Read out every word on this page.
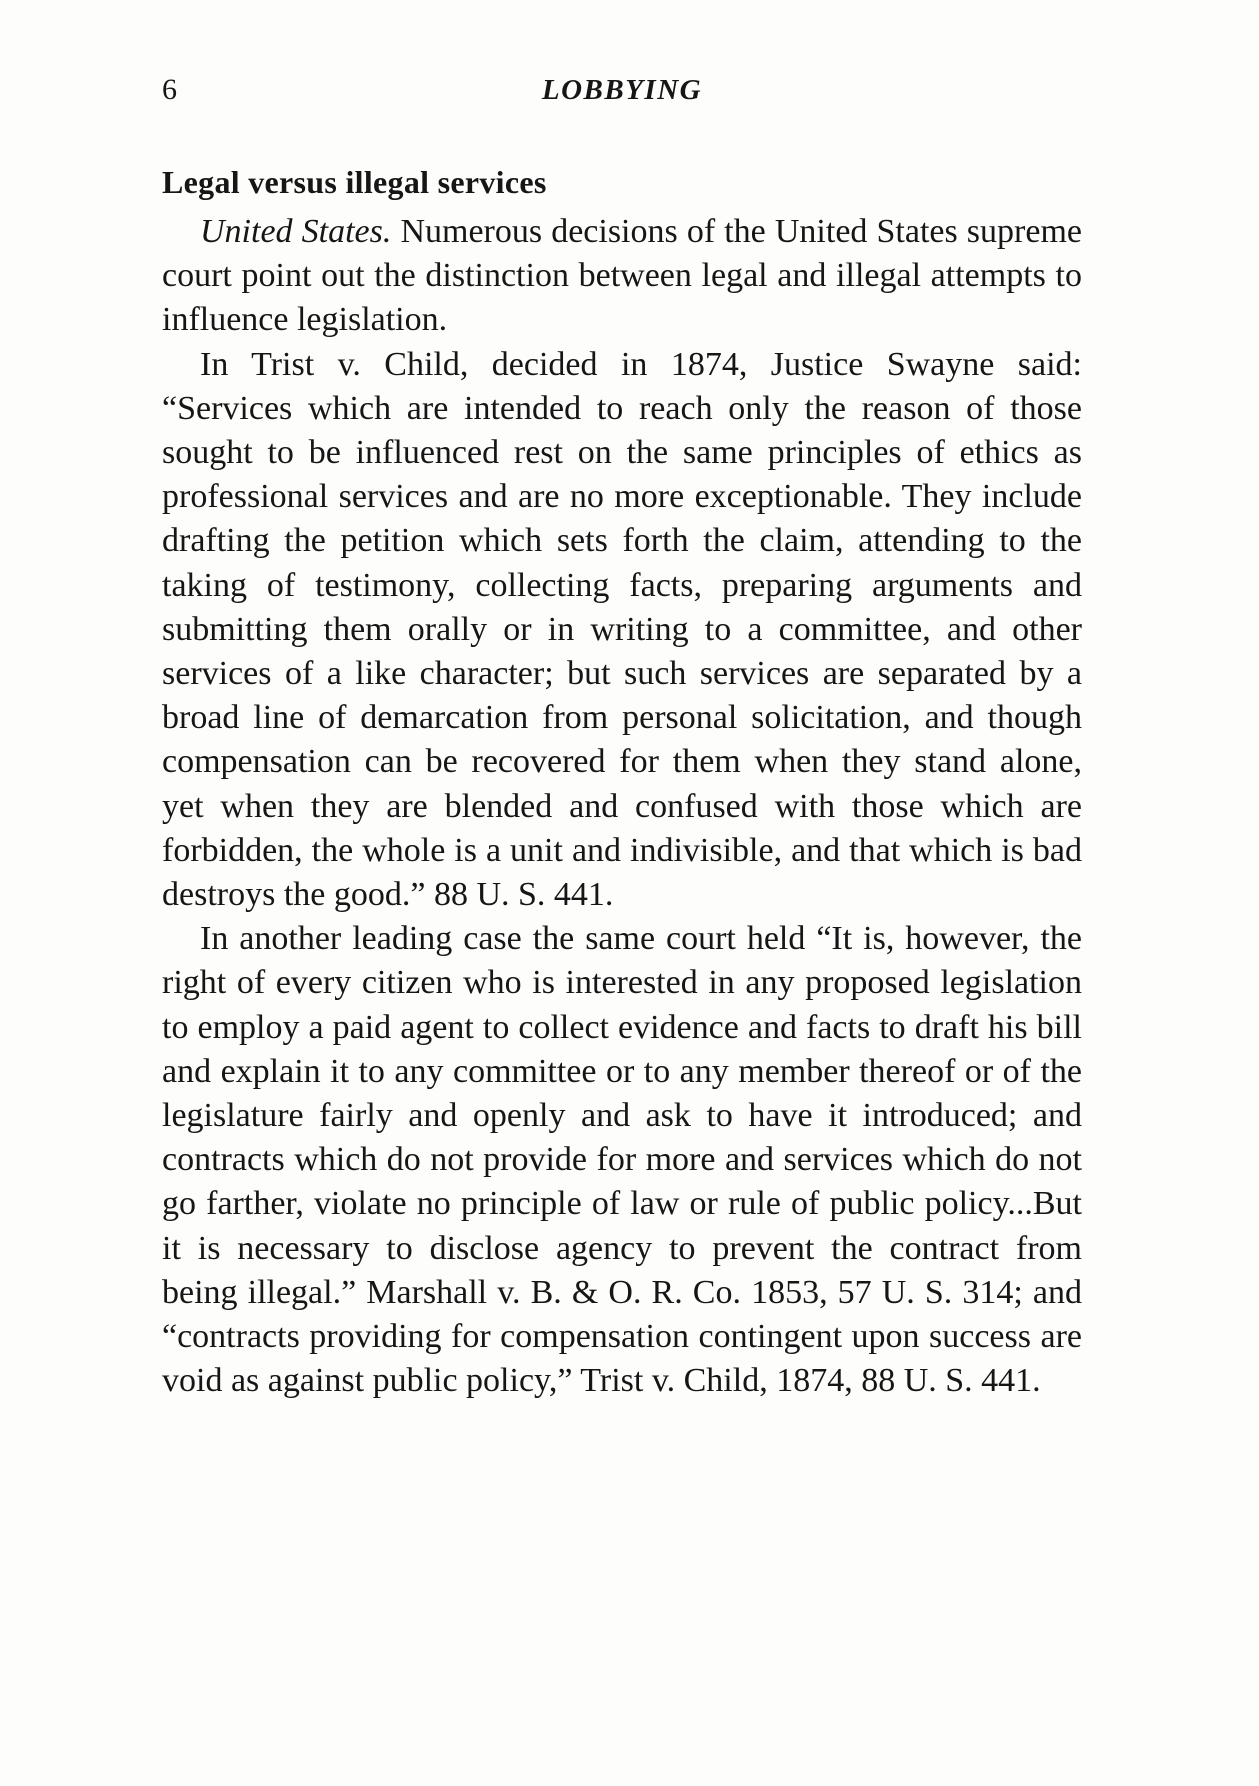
6	LOBBYING
Legal versus illegal services

United States. Numerous decisions of the United States supreme court point out the distinction between legal and illegal attempts to influence legislation.

In Trist v. Child, decided in 1874, Justice Swayne said: “Services which are intended to reach only the reason of those sought to be influenced rest on the same principles of ethics as professional services and are no more exceptionable. They include drafting the petition which sets forth the claim, attending to the taking of testimony, collecting facts, preparing arguments and submitting them orally or in writing to a committee, and other services of a like character; but such services are separated by a broad line of demarcation from personal solicitation, and though compensation can be recovered for them when they stand alone, yet when they are blended and confused with those which are forbidden, the whole is a unit and indivisible, and that which is bad destroys the good.” 88 U. S. 441.

In another leading case the same court held “It is, however, the right of every citizen who is interested in any proposed legislation to employ a paid agent to collect evidence and facts to draft his bill and explain it to any committee or to any member thereof or of the legislature fairly and openly and ask to have it introduced; and contracts which do not provide for more and services which do not go farther, violate no principle of law or rule of public policy...But it is necessary to disclose agency to prevent the contract from being illegal.” Marshall v. B. & O. R. Co. 1853, 57 U. S. 314; and “contracts providing for compensation contingent upon success are void as against public policy,” Trist v. Child, 1874, 88 U. S. 441.
